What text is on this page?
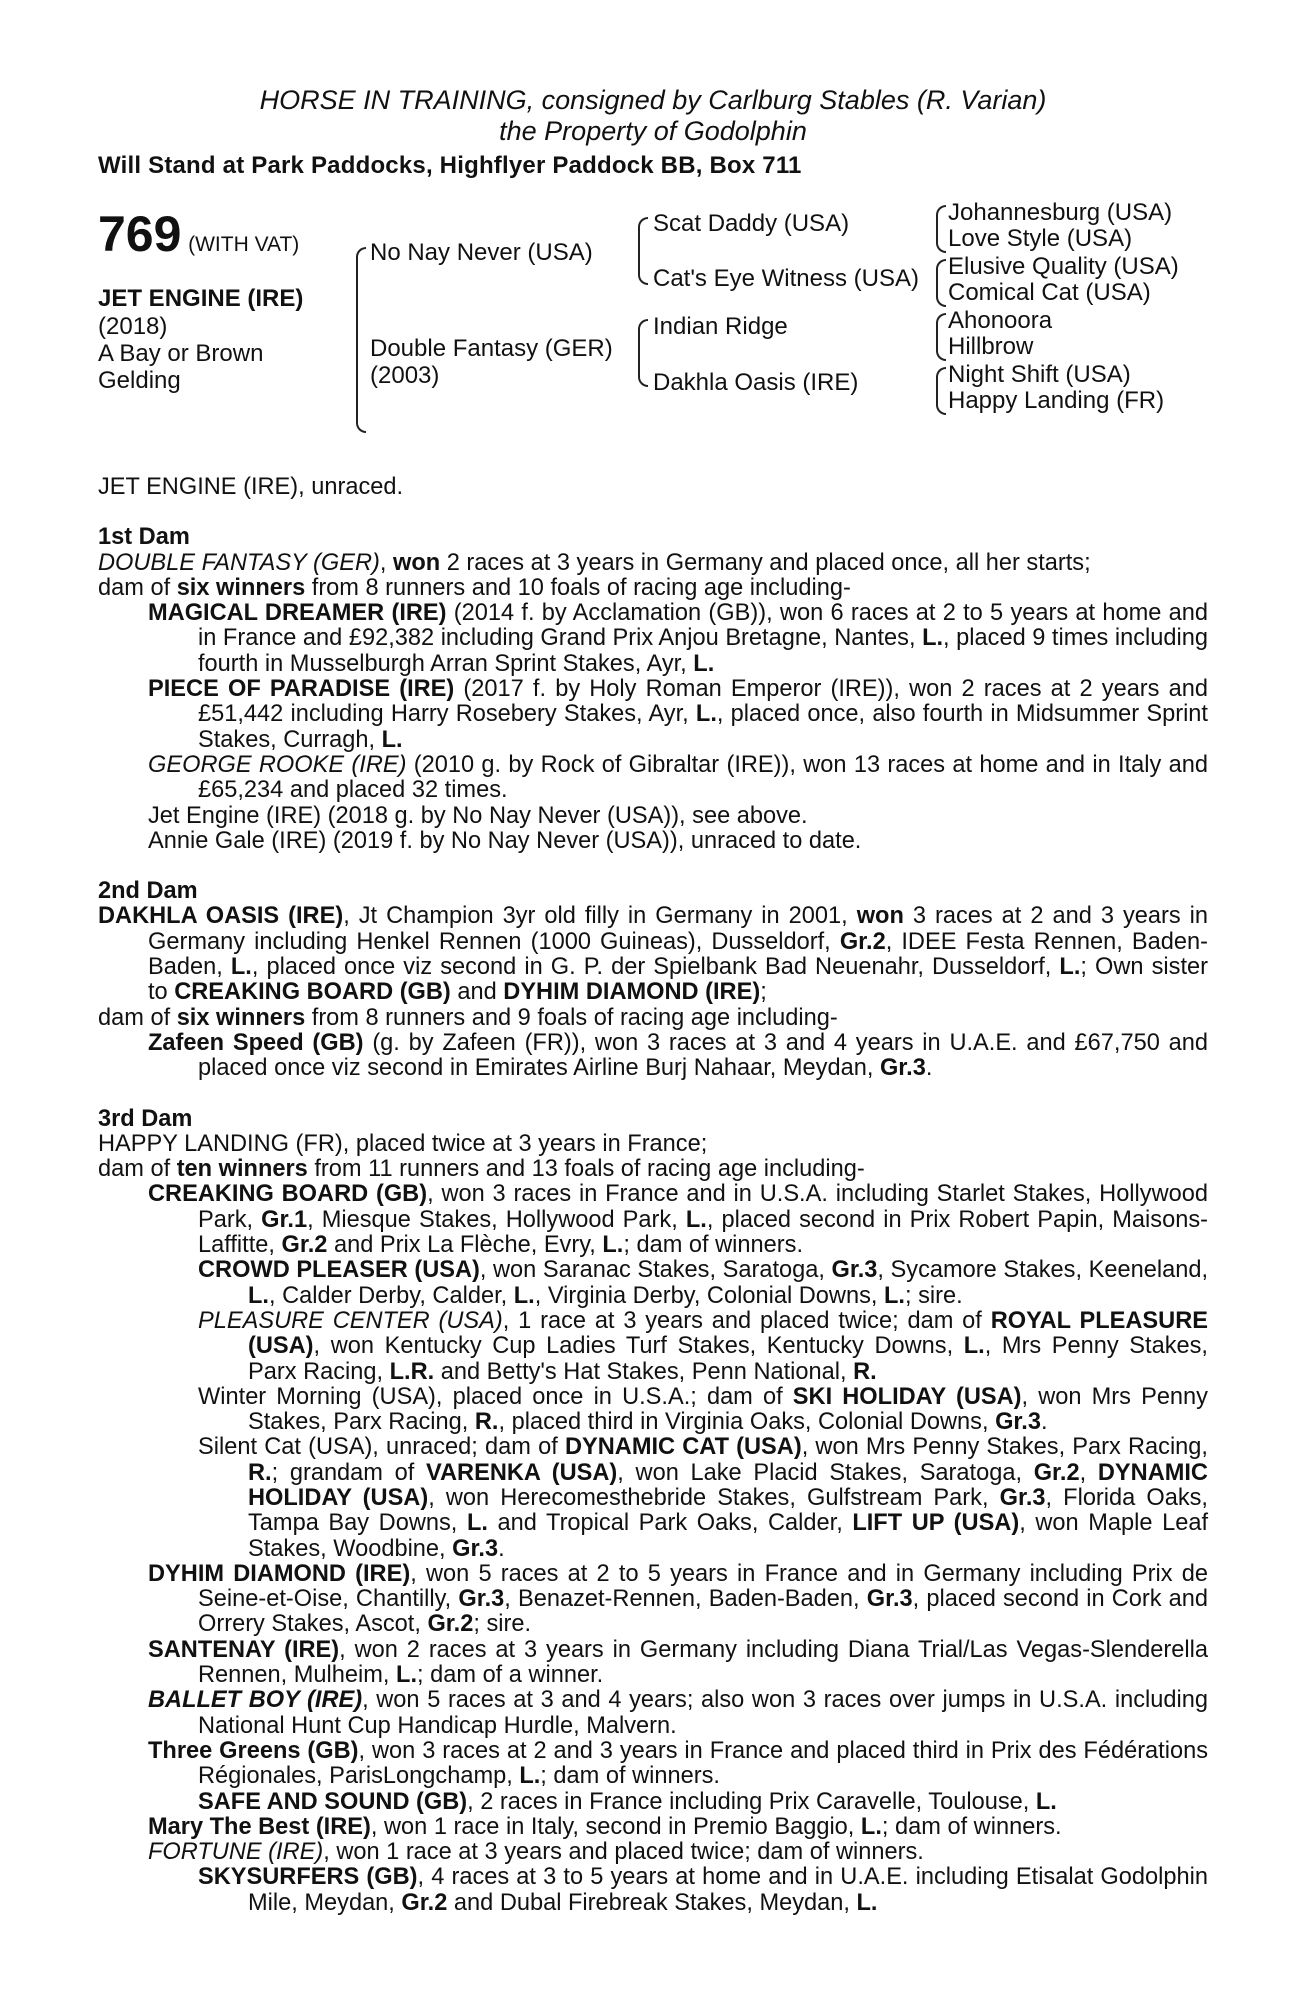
HORSE IN TRAINING, consigned by Carlburg Stables (R. Varian)
the Property of Godolphin
Will Stand at Park Paddocks, Highflyer Paddock BB, Box 711
769 (WITH VAT)
JET ENGINE (IRE)
(2018)
A Bay or Brown
Gelding
No Nay Never (USA)
Double Fantasy (GER)
(2003)
Scat Daddy (USA)
Cat's Eye Witness (USA)
Indian Ridge
Dakhla Oasis (IRE)
Johannesburg (USA)
Love Style (USA)
Elusive Quality (USA)
Comical Cat (USA)
Ahonoora
Hillbrow
Night Shift (USA)
Happy Landing (FR)

JET ENGINE (IRE), unraced.

1st Dam

DOUBLE FANTASY (GER), won 2 races at 3 years in Germany and placed once, all her starts;

dam of six winners from 8 runners and 10 foals of racing age including-

MAGICAL DREAMER (IRE) (2014 f. by Acclamation (GB)), won 6 races at 2 to 5 years at home and in France and £92,382 including Grand Prix Anjou Bretagne, Nantes, L., placed 9 times including fourth in Musselburgh Arran Sprint Stakes, Ayr, L.

PIECE OF PARADISE (IRE) (2017 f. by Holy Roman Emperor (IRE)), won 2 races at 2 years and £51,442 including Harry Rosebery Stakes, Ayr, L., placed once, also fourth in Midsummer Sprint Stakes, Curragh, L.

GEORGE ROOKE (IRE) (2010 g. by Rock of Gibraltar (IRE)), won 13 races at home and in Italy and £65,234 and placed 32 times.

Jet Engine (IRE) (2018 g. by No Nay Never (USA)), see above.

Annie Gale (IRE) (2019 f. by No Nay Never (USA)), unraced to date.

2nd Dam

DAKHLA OASIS (IRE), Jt Champion 3yr old filly in Germany in 2001, won 3 races at 2 and 3 years in Germany including Henkel Rennen (1000 Guineas), Dusseldorf, Gr.2, IDEE Festa Rennen, Baden-Baden, L., placed once viz second in G. P. der Spielbank Bad Neuenahr, Dusseldorf, L.; Own sister to CREAKING BOARD (GB) and DYHIM DIAMOND (IRE);

dam of six winners from 8 runners and 9 foals of racing age including-

Zafeen Speed (GB) (g. by Zafeen (FR)), won 3 races at 3 and 4 years in U.A.E. and £67,750 and placed once viz second in Emirates Airline Burj Nahaar, Meydan, Gr.3.

3rd Dam

HAPPY LANDING (FR), placed twice at 3 years in France;

dam of ten winners from 11 runners and 13 foals of racing age including-

CREAKING BOARD (GB), won 3 races in France and in U.S.A. including Starlet Stakes, Hollywood Park, Gr.1, Miesque Stakes, Hollywood Park, L., placed second in Prix Robert Papin, Maisons-Laffitte, Gr.2 and Prix La Flèche, Evry, L.; dam of winners.

CROWD PLEASER (USA), won Saranac Stakes, Saratoga, Gr.3, Sycamore Stakes, Keeneland, L., Calder Derby, Calder, L., Virginia Derby, Colonial Downs, L.; sire.

PLEASURE CENTER (USA), 1 race at 3 years and placed twice; dam of ROYAL PLEASURE (USA), won Kentucky Cup Ladies Turf Stakes, Kentucky Downs, L., Mrs Penny Stakes, Parx Racing, L.R. and Betty's Hat Stakes, Penn National, R.

Winter Morning (USA), placed once in U.S.A.; dam of SKI HOLIDAY (USA), won Mrs Penny Stakes, Parx Racing, R., placed third in Virginia Oaks, Colonial Downs, Gr.3.

Silent Cat (USA), unraced; dam of DYNAMIC CAT (USA), won Mrs Penny Stakes, Parx Racing, R.; grandam of VARENKA (USA), won Lake Placid Stakes, Saratoga, Gr.2, DYNAMIC HOLIDAY (USA), won Herecomesthebride Stakes, Gulfstream Park, Gr.3, Florida Oaks, Tampa Bay Downs, L. and Tropical Park Oaks, Calder, LIFT UP (USA), won Maple Leaf Stakes, Woodbine, Gr.3.

DYHIM DIAMOND (IRE), won 5 races at 2 to 5 years in France and in Germany including Prix de Seine-et-Oise, Chantilly, Gr.3, Benazet-Rennen, Baden-Baden, Gr.3, placed second in Cork and Orrery Stakes, Ascot, Gr.2; sire.

SANTENAY (IRE), won 2 races at 3 years in Germany including Diana Trial/Las Vegas-Slenderella Rennen, Mulheim, L.; dam of a winner.

BALLET BOY (IRE), won 5 races at 3 and 4 years; also won 3 races over jumps in U.S.A. including National Hunt Cup Handicap Hurdle, Malvern.

Three Greens (GB), won 3 races at 2 and 3 years in France and placed third in Prix des Fédérations Régionales, ParisLongchamp, L.; dam of winners.

SAFE AND SOUND (GB), 2 races in France including Prix Caravelle, Toulouse, L.

Mary The Best (IRE), won 1 race in Italy, second in Premio Baggio, L.; dam of winners.

FORTUNE (IRE), won 1 race at 3 years and placed twice; dam of winners.

SKYSURFERS (GB), 4 races at 3 to 5 years at home and in U.A.E. including Etisalat Godolphin Mile, Meydan, Gr.2 and Dubal Firebreak Stakes, Meydan, L.
